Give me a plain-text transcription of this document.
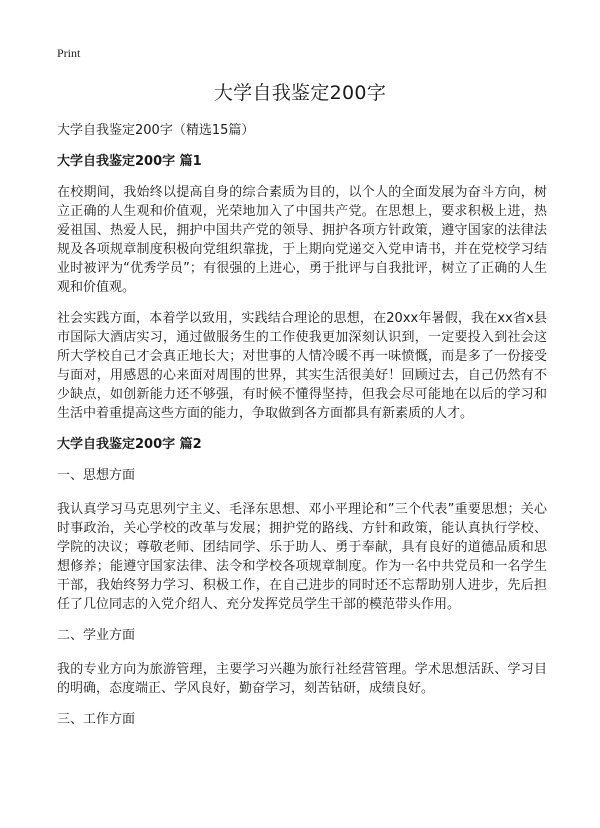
Print
大学自我鉴定200字

大学自我鉴定200字（精选15篇）

大学自我鉴定200字 篇1

在校期间，我始终以提高自身的综合素质为目的，以个人的全面发展为奋斗方向，树立正确的人生观和价值观，光荣地加入了中国共产党。在思想上，要求积极上进，热爱祖国、热爱人民，拥护中国共产党的领导、拥护各项方针政策，遵守国家的法律法规及各项规章制度积极向党组织靠拢，于上期向党递交入党申请书，并在党校学习结业时被评为“优秀学员”；有很强的上进心，勇于批评与自我批评，树立了正确的人生观和价值观。

社会实践方面，本着学以致用，实践结合理论的思想，在20xx年暑假，我在xx省x县市国际大酒店实习，通过做服务生的工作使我更加深刻认识到，一定要投入到社会这所大学校自己才会真正地长大；对世事的人情冷暖不再一味愤慨，而是多了一份接受与面对，用感恩的心来面对周围的世界，其实生活很美好！回顾过去，自己仍然有不少缺点，如创新能力还不够强，有时候不懂得坚持，但我会尽可能地在以后的学习和生活中着重提高这些方面的能力，争取做到各方面都具有新素质的人才。

大学自我鉴定200字 篇2

一、思想方面

我认真学习马克思列宁主义、毛泽东思想、邓小平理论和”三个代表”重要思想；关心时事政治，关心学校的改革与发展；拥护党的路线、方针和政策，能认真执行学校、学院的决议；尊敬老师、团结同学、乐于助人、勇于奉献，具有良好的道德品质和思想修养；能遵守国家法律、法令和学校各项规章制度。作为一名中共党员和一名学生干部，我始终努力学习、积极工作，在自己进步的同时还不忘帮助别人进步，先后担任了几位同志的入党介绍人、充分发挥党员学生干部的模范带头作用。

二、学业方面

我的专业方向为旅游管理，主要学习兴趣为旅行社经营管理。学术思想活跃、学习目的明确，态度端正、学风良好，勤奋学习，刻苦钻研，成绩良好。

三、工作方面
